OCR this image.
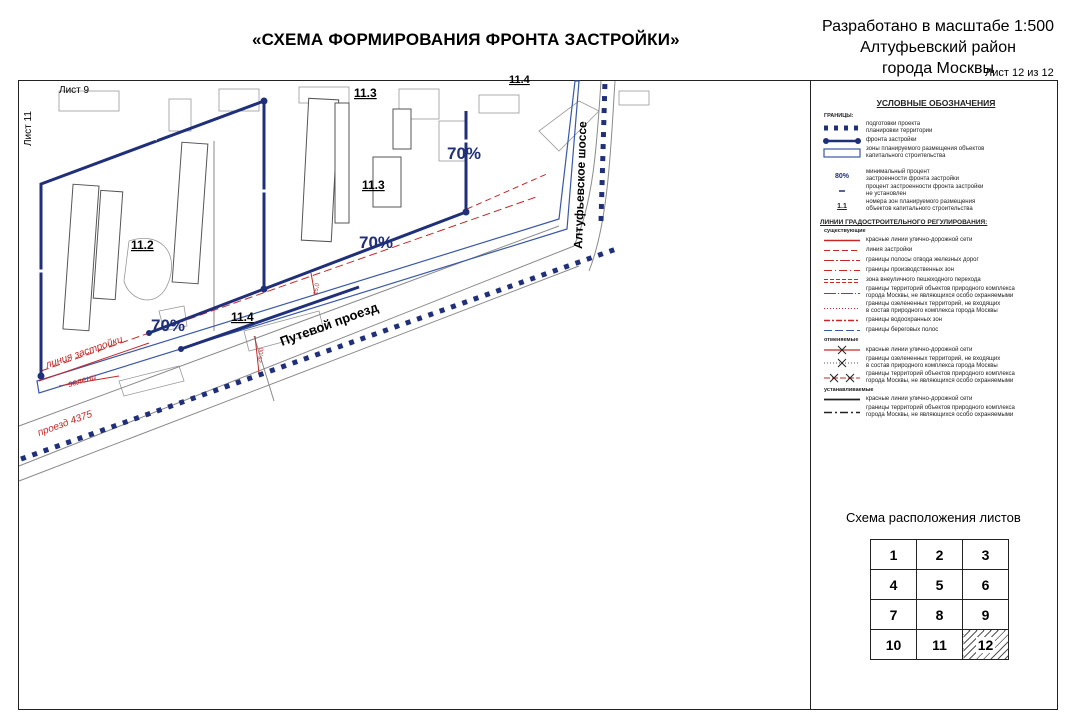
«СХЕМА ФОРМИРОВАНИЯ ФРОНТА ЗАСТРОЙКИ»
Разработано в масштабе 1:500
Алтуфьевский район
города Москвы
Лист 12 из 12
Лист 9
Лист 11
11.3
11.4
11.2
11.3
11.4
70%
70%
70%
Путевой проезд
Алтуфьевское шоссе
линия застройки
зелени
проезд 4375
15,0
25,00
УСЛОВНЫЕ ОБОЗНАЧЕНИЯ
ГРАНИЦЫ:
подготовки проекта
планировки территории
фронта застройки
зоны планируемого размещения объектов
капитального строительства
80%
минимальный процент
застроенности фронта застройки
процент застроенности фронта застройки
не установлен
1.1
номера зон планируемого размещения
объектов капитального строительства
ЛИНИИ ГРАДОСТРОИТЕЛЬНОГО РЕГУЛИРОВАНИЯ:
существующие
красные линии улично-дорожной сети
линия застройки
границы полосы отвода железных дорог
границы производственных зон
зона внеуличного пешеходного перехода
границы территорий объектов природного комплекса
города Москвы, не являющихся особо охраняемыми
границы озелененных территорий, не входящих
в состав природного комплекса города Москвы
границы водоохранных зон
границы береговых полос
отменяемые
красные линии улично-дорожной сети
границы озелененных территорий, не входящих
в состав природного комплекса города Москвы
границы территорий объектов природного комплекса
города Москвы, не являющихся особо охраняемыми
устанавливаемые
красные линии улично-дорожной сети
границы территорий объектов природного комплекса
города Москвы, не являющихся особо охраняемыми
Схема расположения листов
1	2	3
4	5	6
7	8	9
10	11	12
